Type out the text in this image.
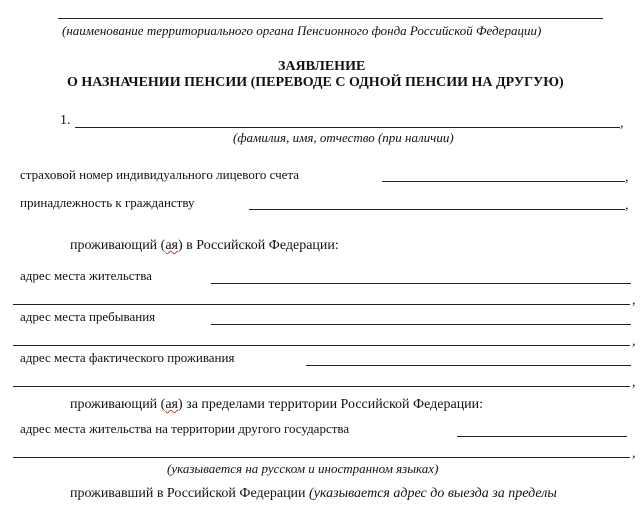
(наименование территориального органа Пенсионного фонда Российской Федерации)
ЗАЯВЛЕНИЕ
О НАЗНАЧЕНИИ ПЕНСИИ (ПЕРЕВОДЕ С ОДНОЙ ПЕНСИИ НА ДРУГУЮ)
1.	,
(фамилия, имя, отчество (при наличии)
страховой номер индивидуального лицевого счета	,
принадлежность к гражданству	,
проживающий (ая) в Российской Федерации:
адрес места жительства
,
адрес места пребывания
,
адрес места фактического проживания
,
проживающий (ая) за пределами территории Российской Федерации:
адрес места жительства на территории другого государства
,
(указывается на русском и иностранном языках)
проживавший в Российской Федерации (указывается адрес до выезда за пределы
